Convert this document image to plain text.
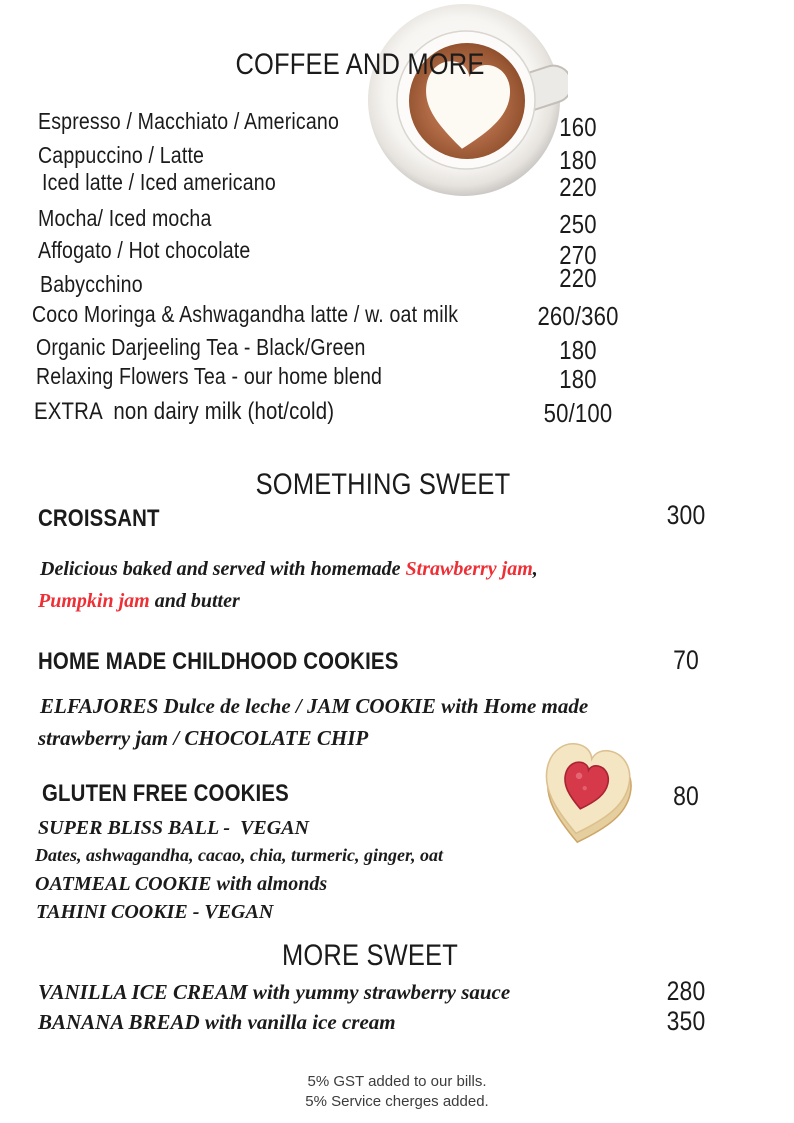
COFFEE AND MORE
Espresso / Macchiato / Americano	160
Cappuccino / Latte	180
Iced latte / Iced americano	220
Mocha/ Iced mocha	250
Affogato / Hot chocolate	270
Babycchino	220
Coco Moringa & Ashwagandha latte / w. oat milk	260/360
Organic Darjeeling Tea - Black/Green	180
Relaxing Flowers Tea - our home blend	180
EXTRA  non dairy milk (hot/cold)	50/100
SOMETHING SWEET
CROISSANT	300
Delicious baked and served with homemade Strawberry jam,
Pumpkin jam and butter
HOME MADE CHILDHOOD COOKIES	70
ELFAJORES Dulce de leche / JAM COOKIE with Home made
strawberry jam / CHOCOLATE CHIP
GLUTEN FREE COOKIES	80
SUPER BLISS BALL -  VEGAN
Dates, ashwagandha, cacao, chia, turmeric, ginger, oat
OATMEAL COOKIE with almonds
TAHINI COOKIE - VEGAN
MORE SWEET
VANILLA ICE CREAM with yummy strawberry sauce	280
BANANA BREAD with vanilla ice cream	350
5% GST added to our bills.
5% Service cherges added.
